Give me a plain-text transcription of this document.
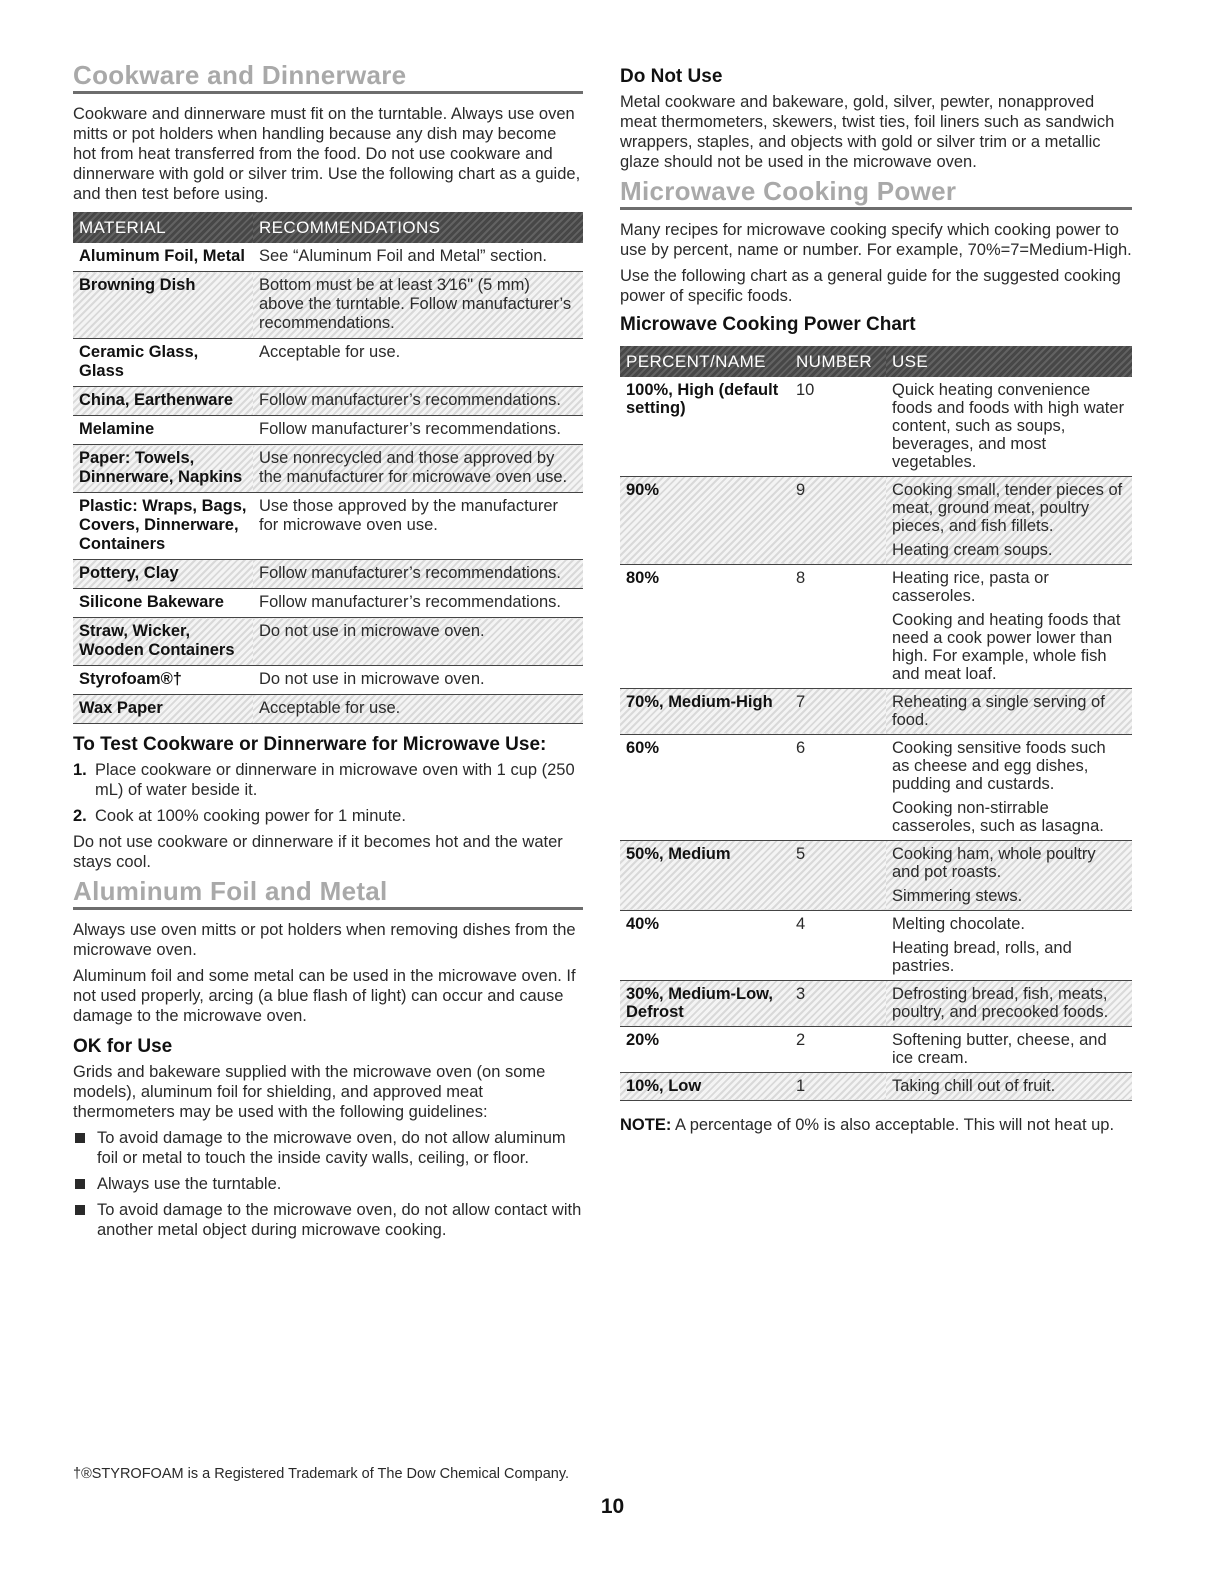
Cookware and Dinnerware

Cookware and dinnerware must fit on the turntable. Always use oven mitts or pot holders when handling because any dish may become hot from heat transferred from the food. Do not use cookware and dinnerware with gold or silver trim. Use the following chart as a guide, and then test before using.

MATERIAL	RECOMMENDATIONS
Aluminum Foil, Metal	See “Aluminum Foil and Metal” section.
Browning Dish	Bottom must be at least 3⁄16" (5 mm) above the turntable. Follow manufacturer’s recommendations.
Ceramic Glass, Glass	Acceptable for use.
China, Earthenware	Follow manufacturer’s recommendations.
Melamine	Follow manufacturer’s recommendations.
Paper: Towels, Dinnerware, Napkins	Use nonrecycled and those approved by the manufacturer for microwave oven use.
Plastic: Wraps, Bags, Covers, Dinnerware, Containers	Use those approved by the manufacturer for microwave oven use.
Pottery, Clay	Follow manufacturer’s recommendations.
Silicone Bakeware	Follow manufacturer’s recommendations.
Straw, Wicker, Wooden Containers	Do not use in microwave oven.
Styrofoam®†	Do not use in microwave oven.
Wax Paper	Acceptable for use.
To Test Cookware or Dinnerware for Microwave Use:
1. Place cookware or dinnerware in microwave oven with 1 cup (250 mL) of water beside it.
2. Cook at 100% cooking power for 1 minute.

Do not use cookware or dinnerware if it becomes hot and the water stays cool.

Aluminum Foil and Metal

Always use oven mitts or pot holders when removing dishes from the microwave oven.

Aluminum foil and some metal can be used in the microwave oven. If not used properly, arcing (a blue flash of light) can occur and cause damage to the microwave oven.

OK for Use

Grids and bakeware supplied with the microwave oven (on some models), aluminum foil for shielding, and approved meat thermometers may be used with the following guidelines:

To avoid damage to the microwave oven, do not allow aluminum foil or metal to touch the inside cavity walls, ceiling, or floor.
Always use the turntable.
To avoid damage to the microwave oven, do not allow contact with another metal object during microwave cooking.
Do Not Use

Metal cookware and bakeware, gold, silver, pewter, nonapproved meat thermometers, skewers, twist ties, foil liners such as sandwich wrappers, staples, and objects with gold or silver trim or a metallic glaze should not be used in the microwave oven.

Microwave Cooking Power

Many recipes for microwave cooking specify which cooking power to use by percent, name or number. For example, 70%=7=Medium-High.

Use the following chart as a general guide for the suggested cooking power of specific foods.

Microwave Cooking Power Chart
PERCENT/NAME	NUMBER	USE
100%, High (default setting)	10	Quick heating convenience foods and foods with high water content, such as soups, beverages, and most vegetables.

90%	9	Cooking small, tender pieces of meat, ground meat, poultry pieces, and fish fillets.
Heating cream soups.

80%	8	Heating rice, pasta or casseroles.
Cooking and heating foods that need a cook power lower than high. For example, whole fish and meat loaf.

70%, Medium-High	7	Reheating a single serving of food.

60%	6	Cooking sensitive foods such as cheese and egg dishes, pudding and custards.
Cooking non-stirrable casseroles, such as lasagna.

50%, Medium	5	Cooking ham, whole poultry and pot roasts.
Simmering stews.

40%	4	Melting chocolate.
Heating bread, rolls, and pastries.

30%, Medium-Low, Defrost	3	Defrosting bread, fish, meats, poultry, and precooked foods.

20%	2	Softening butter, cheese, and ice cream.

10%, Low	1	Taking chill out of fruit.

NOTE: A percentage of 0% is also acceptable. This will not heat up.

†®STYROFOAM is a Registered Trademark of The Dow Chemical Company.
10
